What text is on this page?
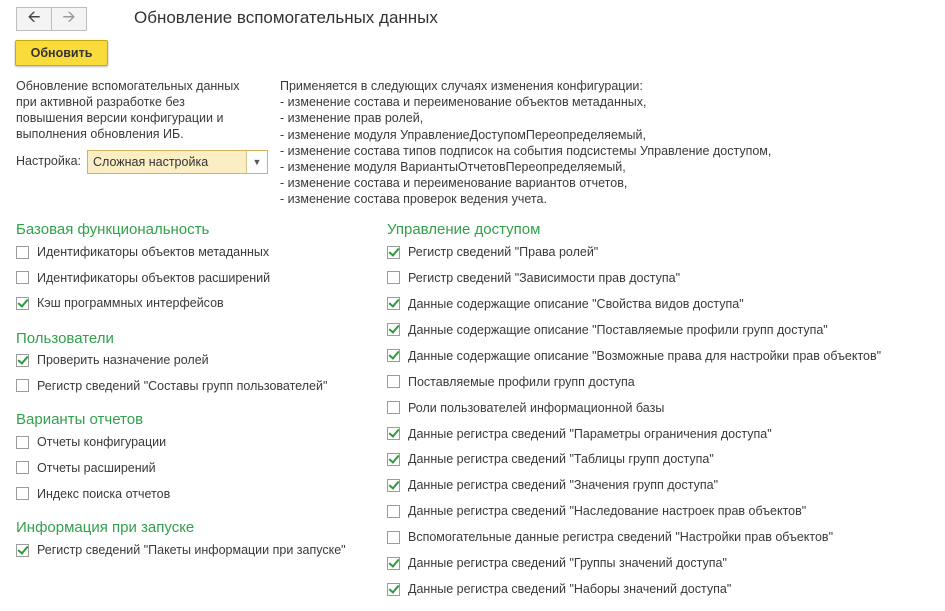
🡨 🡪	Обновление вспомогательных данных
Обновить
Обновление вспомогательных данных
при активной разработке без
повышения версии конфигурации и
выполнения обновления ИБ.
Применяется в следующих случаях изменения конфигурации:
- изменение состава и переименование объектов метаданных,
- изменение прав ролей,
- изменение модуля УправлениеДоступомПереопределяемый,
- изменение состава типов подписок на события подсистемы Управление доступом,
- изменение модуля ВариантыОтчетовПереопределяемый,
- изменение состава и переименование вариантов отчетов,
- изменение состава проверок ведения учета.
Настройка: Сложная настройка	▼
Базовая функциональность
Идентификаторы объектов метаданных
Идентификаторы объектов расширений
Кэш программных интерфейсов
Пользователи
Проверить назначение ролей
Регистр сведений "Составы групп пользователей"
Варианты отчетов
Отчеты конфигурации
Отчеты расширений
Индекс поиска отчетов
Информация при запуске
Регистр сведений "Пакеты информации при запуске"
Управление доступом
Регистр сведений "Права ролей"
Регистр сведений "Зависимости прав доступа"
Данные содержащие описание "Свойства видов доступа"
Данные содержащие описание "Поставляемые профили групп доступа"
Данные содержащие описание "Возможные права для настройки прав объектов"
Поставляемые профили групп доступа
Роли пользователей информационной базы
Данные регистра сведений "Параметры ограничения доступа"
Данные регистра сведений "Таблицы групп доступа"
Данные регистра сведений "Значения групп доступа"
Данные регистра сведений "Наследование настроек прав объектов"
Вспомогательные данные регистра сведений "Настройки прав объектов"
Данные регистра сведений "Группы значений доступа"
Данные регистра сведений "Наборы значений доступа"
